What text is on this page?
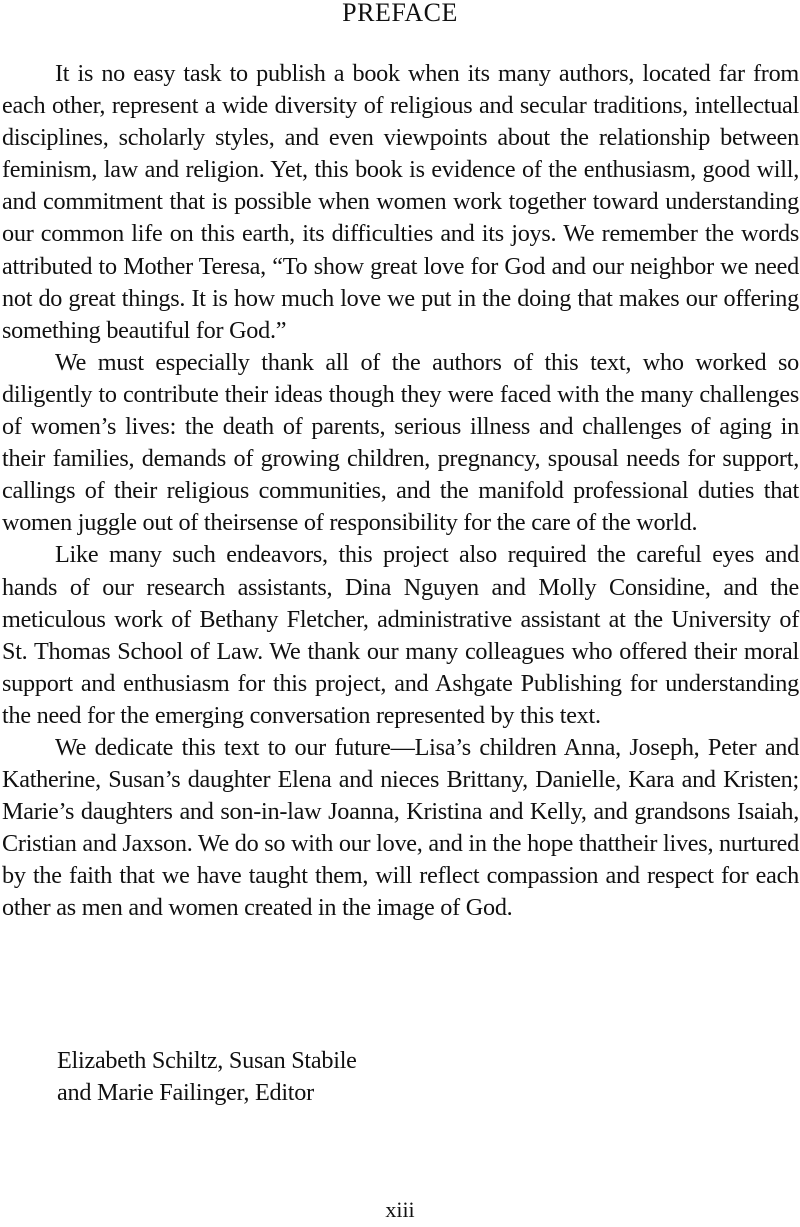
PREFACE

It is no easy task to publish a book when its many authors, located far from each other, represent a wide diversity of religious and secular traditions, intellectual disciplines, scholarly styles, and even viewpoints about the relationship between feminism, law and religion. Yet, this book is evidence of the enthusiasm, good will, and commitment that is possible when women work together toward understanding our common life on this earth, its difficulties and its joys. We remember the words attributed to Mother Teresa, “To show great love for God and our neighbor we need not do great things. It is how much love we put in the doing that makes our offering something beautiful for God.”

We must especially thank all of the authors of this text, who worked so diligently to contribute their ideas though they were faced with the many challenges of women’s lives: the death of parents, serious illness and challenges of aging in their families, demands of growing children, pregnancy, spousal needs for support, callings of their religious communities, and the manifold professional duties that women juggle out of theirsense of responsibility for the care of the world.

Like many such endeavors, this project also required the careful eyes and hands of our research assistants, Dina Nguyen and Molly Considine, and the meticulous work of Bethany Fletcher, administrative assistant at the University of St. Thomas School of Law. We thank our many colleagues who offered their moral support and enthusiasm for this project, and Ashgate Publishing for understanding the need for the emerging conversation represented by this text.

We dedicate this text to our future—Lisa’s children Anna, Joseph, Peter and Katherine, Susan’s daughter Elena and nieces Brittany, Danielle, Kara and Kristen; Marie’s daughters and son-in-law Joanna, Kristina and Kelly, and grandsons Isaiah, Cristian and Jaxson. We do so with our love, and in the hope thattheir lives, nurtured by the faith that we have taught them, will reflect compassion and respect for each other as men and women created in the image of God.

Elizabeth Schiltz, Susan Stabile
and Marie Failinger, Editor
xiii
